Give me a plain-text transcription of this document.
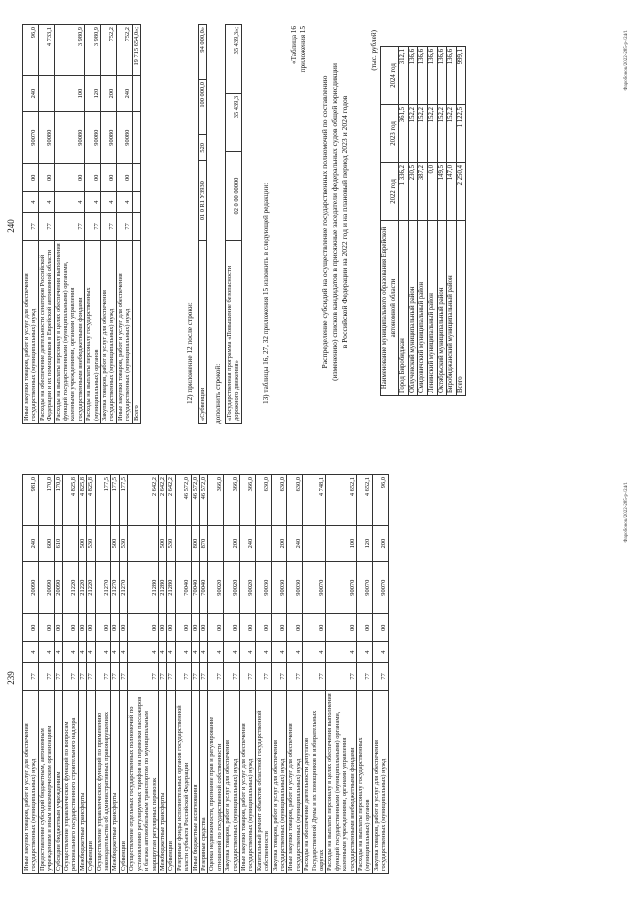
239
Иные закупки товаров, работ и услуг для обеспечения государственных (муниципальных) нужд	77	4	00	20090	240	981,0
Предоставление субсидий бюджетным, автономным учреждениям и иным некоммерческим организациям	77	4	00	20090	600	170,0
Субсидии бюджетным учреждениям	77	4	00	20090	610	170,0
Осуществление управленческих функций по вопросам регионального государственного строительного надзора	77	4	00	21220		4 825,8
Межбюджетные трансферты	77	4	00	21220	500	4 825,8
Субвенции	77	4	00	21220	530	4 825,8
Осуществление управленческих функций по применению законодательства об административных правонарушениях	77	4	00	21270		177,5
Межбюджетные трансферты	77	4	00	21270	500	177,5
Субвенции	77	4	00	21270	530	177,5
Осуществление отдельных государственных полномочий по установлению регулируемых тарифов на перевозки пассажиров и багажа автомобильным транспортом по муниципальным маршрутам регулярных перевозок	77	4	00	21280		2 642,2
Межбюджетные трансферты	77	4	00	21280	500	2 642,2
Субвенции	77	4	00	21280	530	2 642,2
Резервные фонды исполнительных органов государственной власти субъекта Российской Федерации	77	4	00	70040		46 572,0
Иные бюджетные ассигнования	77	4	00	70040	800	46 572,0
Резервные средства	77	4	00	70040	870	46 572,0
Оценка недвижимости, признание прав и регулирование отношений по государственной собственности	77	4	00	90020		366,0
Закупка товаров, работ и услуг для обеспечения государственных (муниципальных) нужд	77	4	00	90020	200	366,0
Иные закупки товаров, работ и услуг для обеспечения государственных (муниципальных) нужд	77	4	00	90020	240	366,0
Капитальный ремонт объектов областной государственной собственности	77	4	00	90030		630,0
Закупка товаров, работ и услуг для обеспечения государственных (муниципальных) нужд	77	4	00	90030	200	630,0
Иные закупки товаров, работ и услуг для обеспечения государственных (муниципальных) нужд	77	4	00	90030	240	630,0
Расходы на обеспечение деятельности депутатов Государственной Думы и их помощников в избирательных округах	77	4	00	90070		4 748,1
Расходы на выплаты персоналу в целях обеспечения выполнения функций государственными (муниципальными) органами, казенными учреждениями, органами управления государственными внебюджетными фондами	77	4	00	90070	100	4 652,1
Расходы на выплаты персоналу государственных (муниципальных) органов	77	4	00	90070	120	4 652,1
Закупка товаров, работ и услуг для обеспечения государственных (муниципальных) нужд	77	4	00	90070	200	96,0	Фаробонок/2022-285-p-/24/1
240
Иные закупки товаров, работ и услуг для обеспечения государственных (муниципальных) нужд	77	4	00	90070	240	96,0
Расходы на обеспечение деятельности сенаторов Российской Федерации и их помощников в Еврейской автономной области	77	4	00	90080		4 733,1
Расходы на выплаты персоналу в целях обеспечения выполнения функций государственными (муниципальными) органами, казенными учреждениями, органами управления государственными внебюджетными фондами	77	4	00	90080	100	3 980,9
Расходы на выплаты персоналу государственных (муниципальных) органов	77	4	00	90080	120	3 980,9
Закупка товаров, работ и услуг для обеспечения государственных (муниципальных) нужд	77	4	00	90080	200	752,2
Иные закупки товаров, работ и услуг для обеспечения государственных (муниципальных) нужд	77	4	00	90080	240	752,2
Всего						19 715 654,0»;
12) приложение 12 после строки:
«Субвенции	01 0 R1 У3930	520	100 000,0	94 000,0»
дополнить строкой: «Государственная программа «Повышение безопасности дорожного движения»	02 0 00 00000	35 439,3	35 439,3»;
13) таблицы 16, 27, 32 приложения 15 изложить в следующей редакции:
«Таблица 16 приложения 15
Распределение субсидий на осуществление государственных полномочий по составлению (изменению) списков кандидатов в присяжные заседатели федеральных судов общей юрисдикции в Российской Федерации на 2022 год и на плановый период 2023 и 2024 годов
(тыс. рублей)
Наименование муниципального образования Еврейской автономной области	2022 год	2023 год	2024 год
Город Биробиджан	1 336,2	361,5	312,1
Облученский муниципальный район	230,5	152,2	136,6
Смидовичский муниципальный район	387,2	152,2	136,6
Ленинский муниципальный район	0,0	152,2	136,6
Октябрьский муниципальный район	149,5	152,2	136,6
Биробиджанский муниципальный район	147,0	152,2	136,6
Всего	2 250,4	1 122,5	999,1	Фаробонок/2022-285-p-/24/1
